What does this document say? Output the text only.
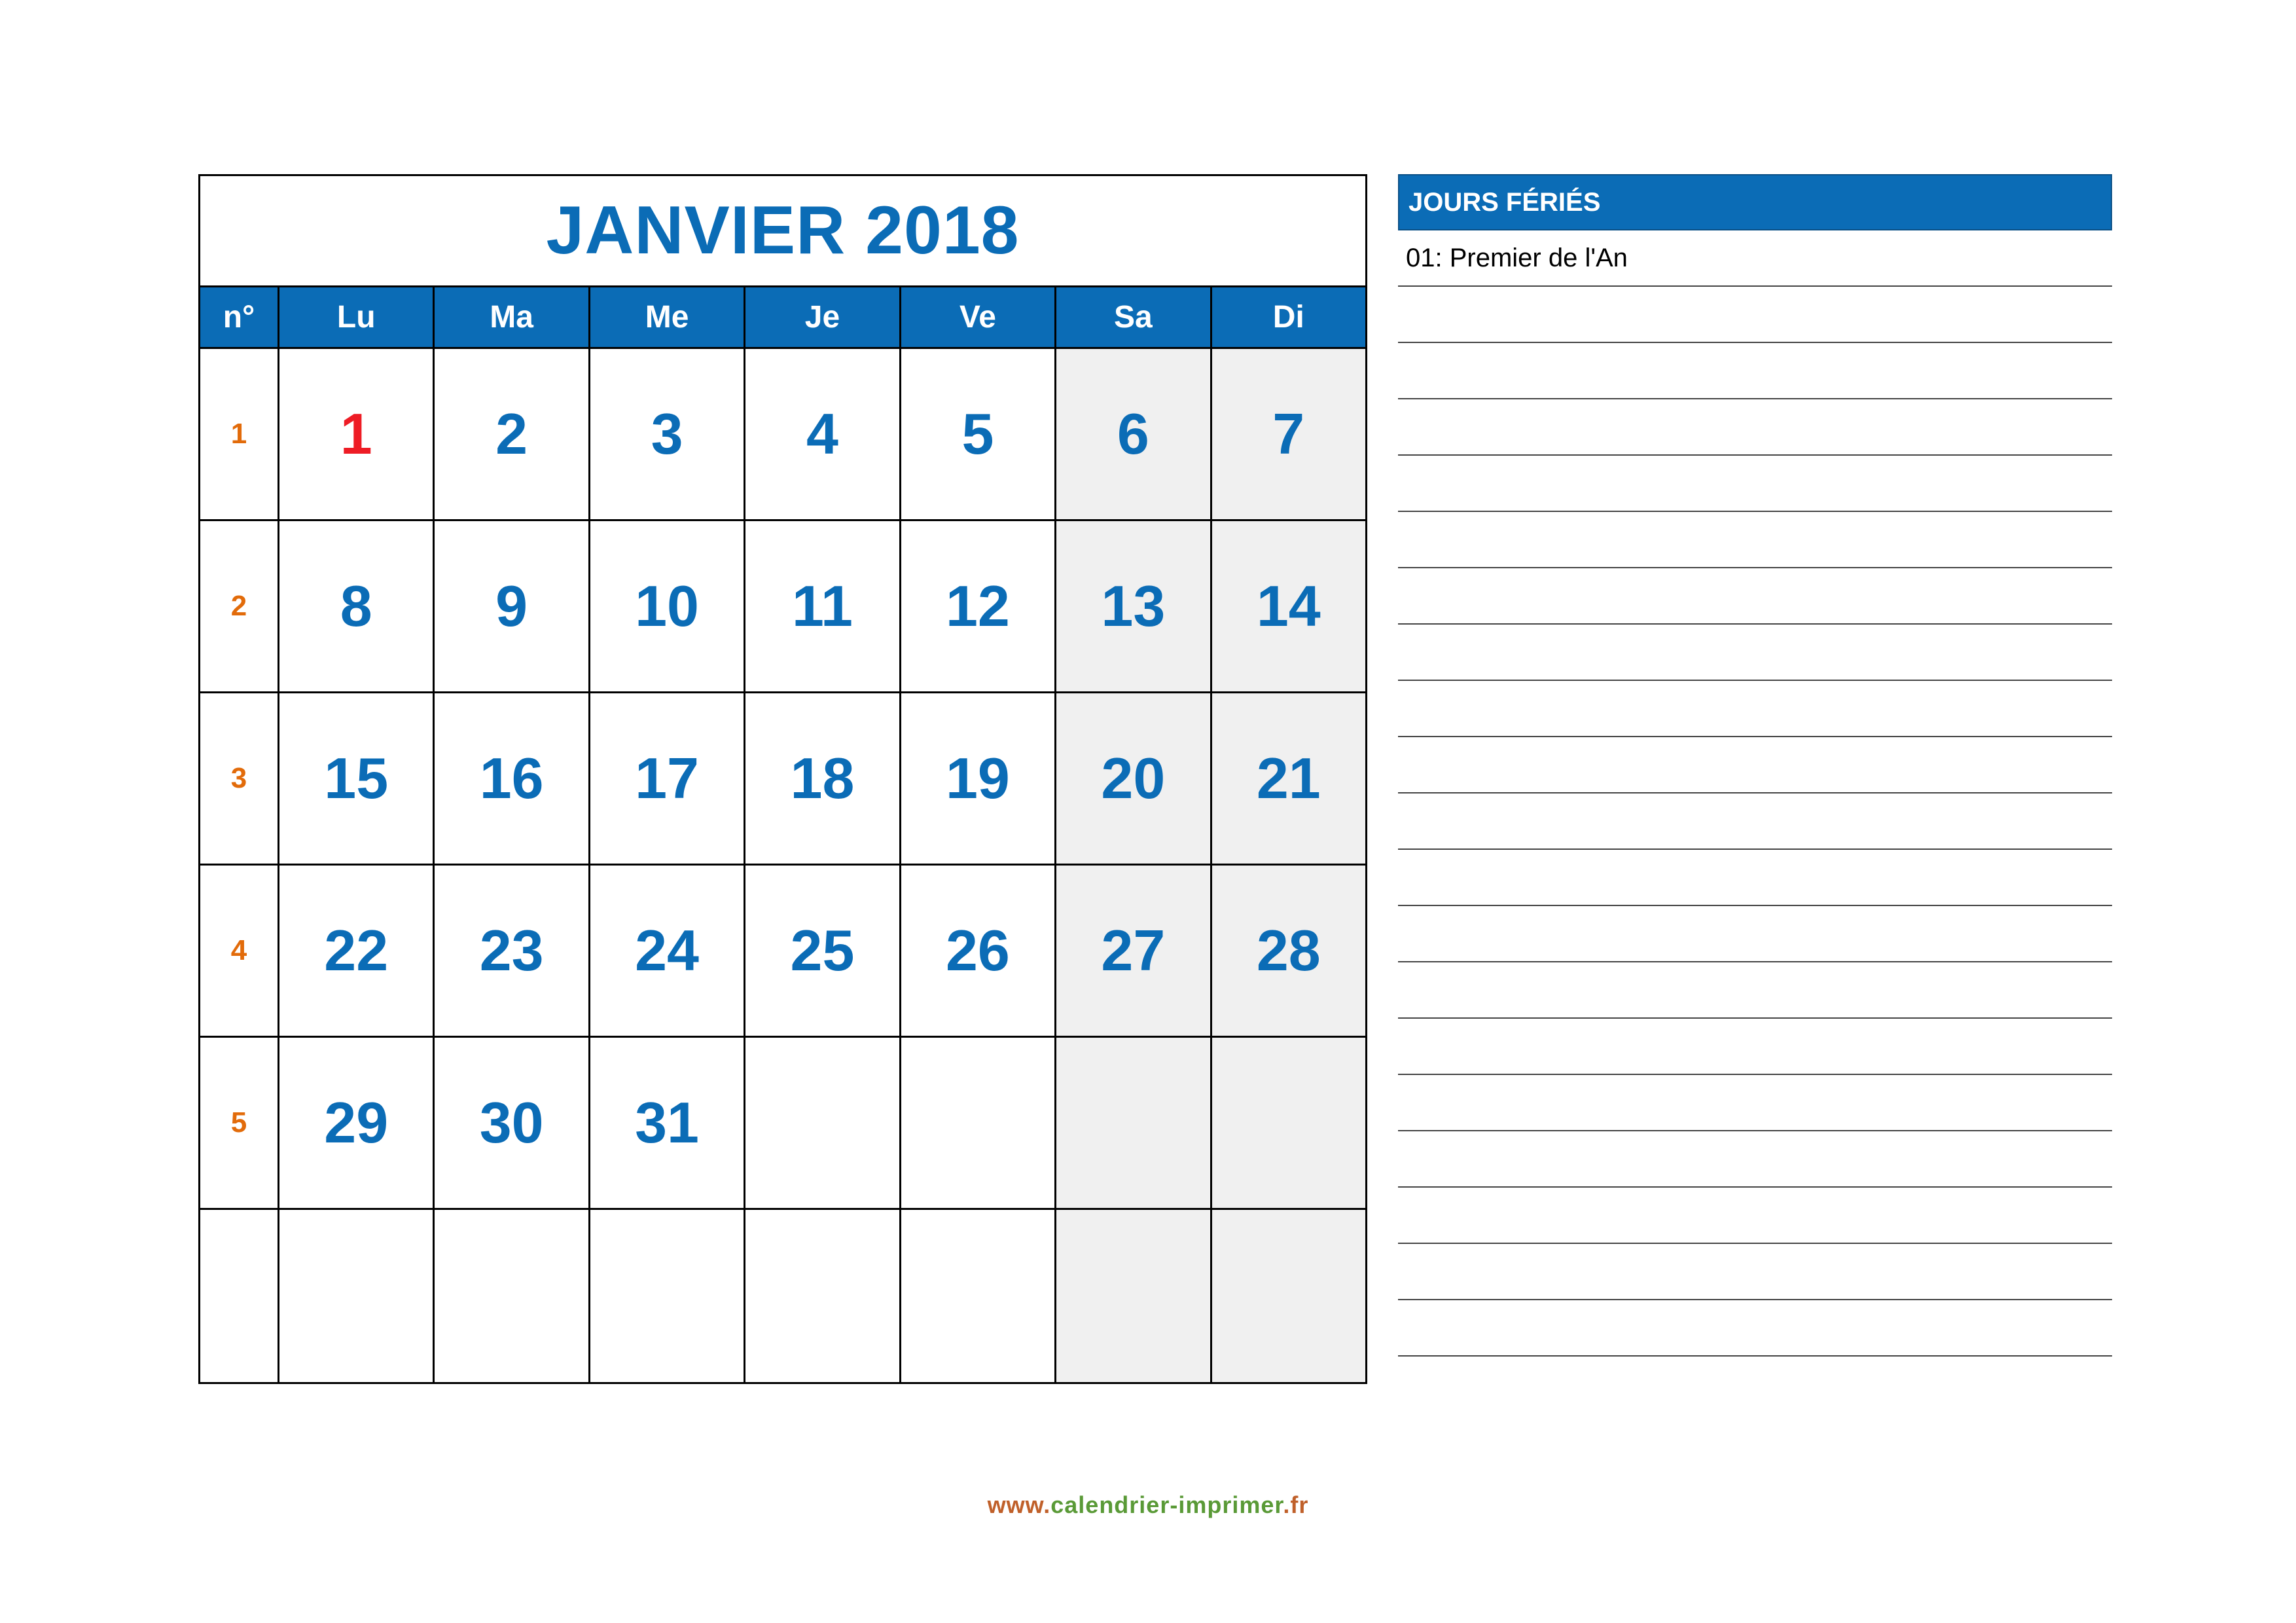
JANVIER 2018
n°	Lu	Ma	Me	Je	Ve	Sa	Di
1	1	2	3	4	5	6	7
2	8	9	10	11	12	13	14
3	15	16	17	18	19	20	21
4	22	23	24	25	26	27	28
5	29	30	31
JOURS FÉRIÉS
01: Premier de l'An
www.calendrier-imprimer.fr
